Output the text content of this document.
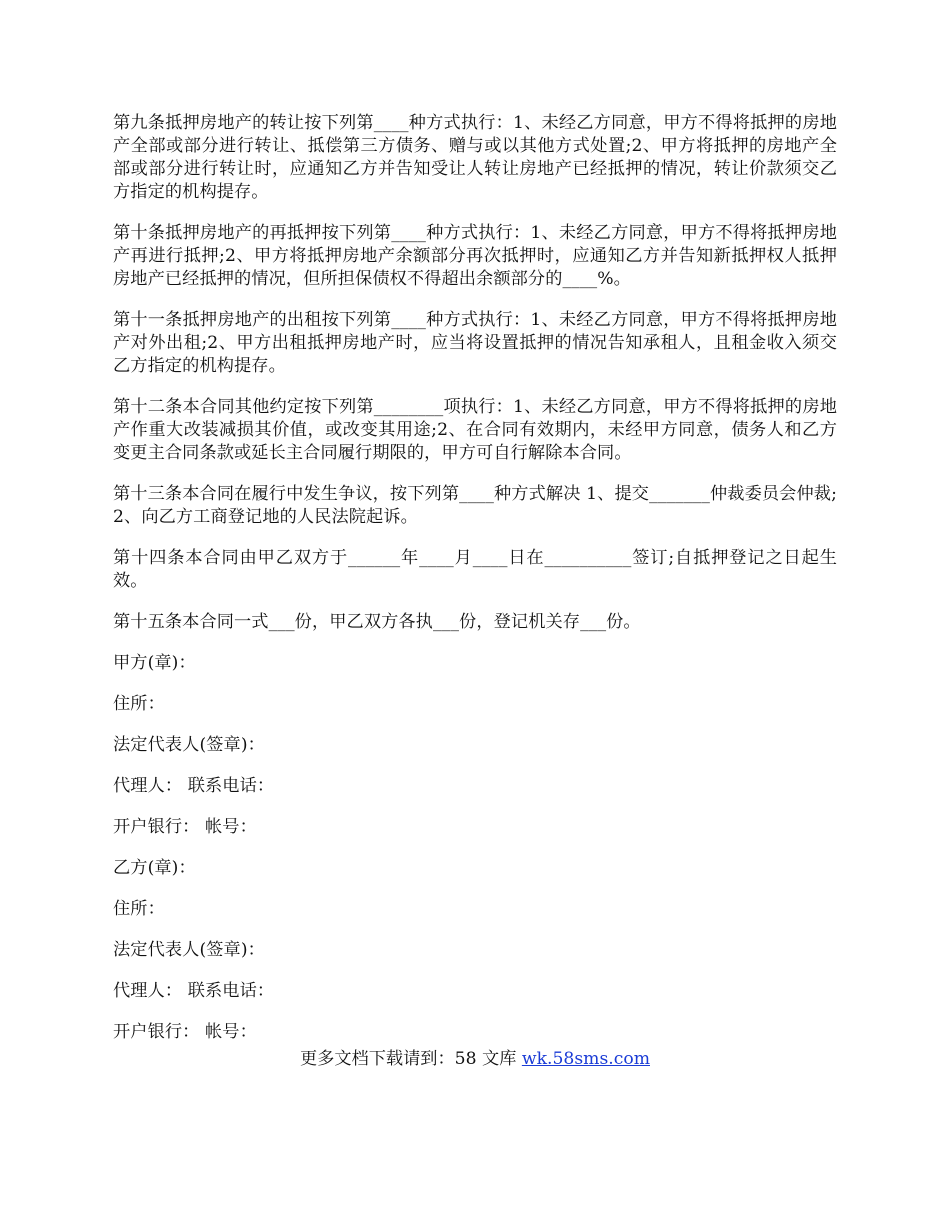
第九条抵押房地产的转让按下列第____种方式执行：1、未经乙方同意，甲方不得将抵押的房地产全部或部分进行转让、抵偿第三方债务、赠与或以其他方式处置;2、甲方将抵押的房地产全部或部分进行转让时，应通知乙方并告知受让人转让房地产已经抵押的情况，转让价款须交乙方指定的机构提存。

第十条抵押房地产的再抵押按下列第____种方式执行：1、未经乙方同意，甲方不得将抵押房地产再进行抵押;2、甲方将抵押房地产余额部分再次抵押时，应通知乙方并告知新抵押权人抵押房地产已经抵押的情况，但所担保债权不得超出余额部分的____%。

第十一条抵押房地产的出租按下列第____种方式执行：1、未经乙方同意，甲方不得将抵押房地产对外出租;2、甲方出租抵押房地产时，应当将设置抵押的情况告知承租人，且租金收入须交乙方指定的机构提存。

第十二条本合同其他约定按下列第________项执行：1、未经乙方同意，甲方不得将抵押的房地产作重大改装减损其价值，或改变其用途;2、在合同有效期内，未经甲方同意，债务人和乙方变更主合同条款或延长主合同履行期限的，甲方可自行解除本合同。

第十三条本合同在履行中发生争议，按下列第____种方式解决 1、提交_______仲裁委员会仲裁;2、向乙方工商登记地的人民法院起诉。

第十四条本合同由甲乙双方于______年____月____日在__________签订;自抵押登记之日起生效。

第十五条本合同一式___份，甲乙双方各执___份，登记机关存___份。

甲方(章)：

住所：

法定代表人(签章)：

代理人： 联系电话：

开户银行： 帐号：

乙方(章)：

住所：

法定代表人(签章)：

代理人： 联系电话：

开户银行： 帐号：

更多文档下载请到：58 文库 wk.58sms.com
